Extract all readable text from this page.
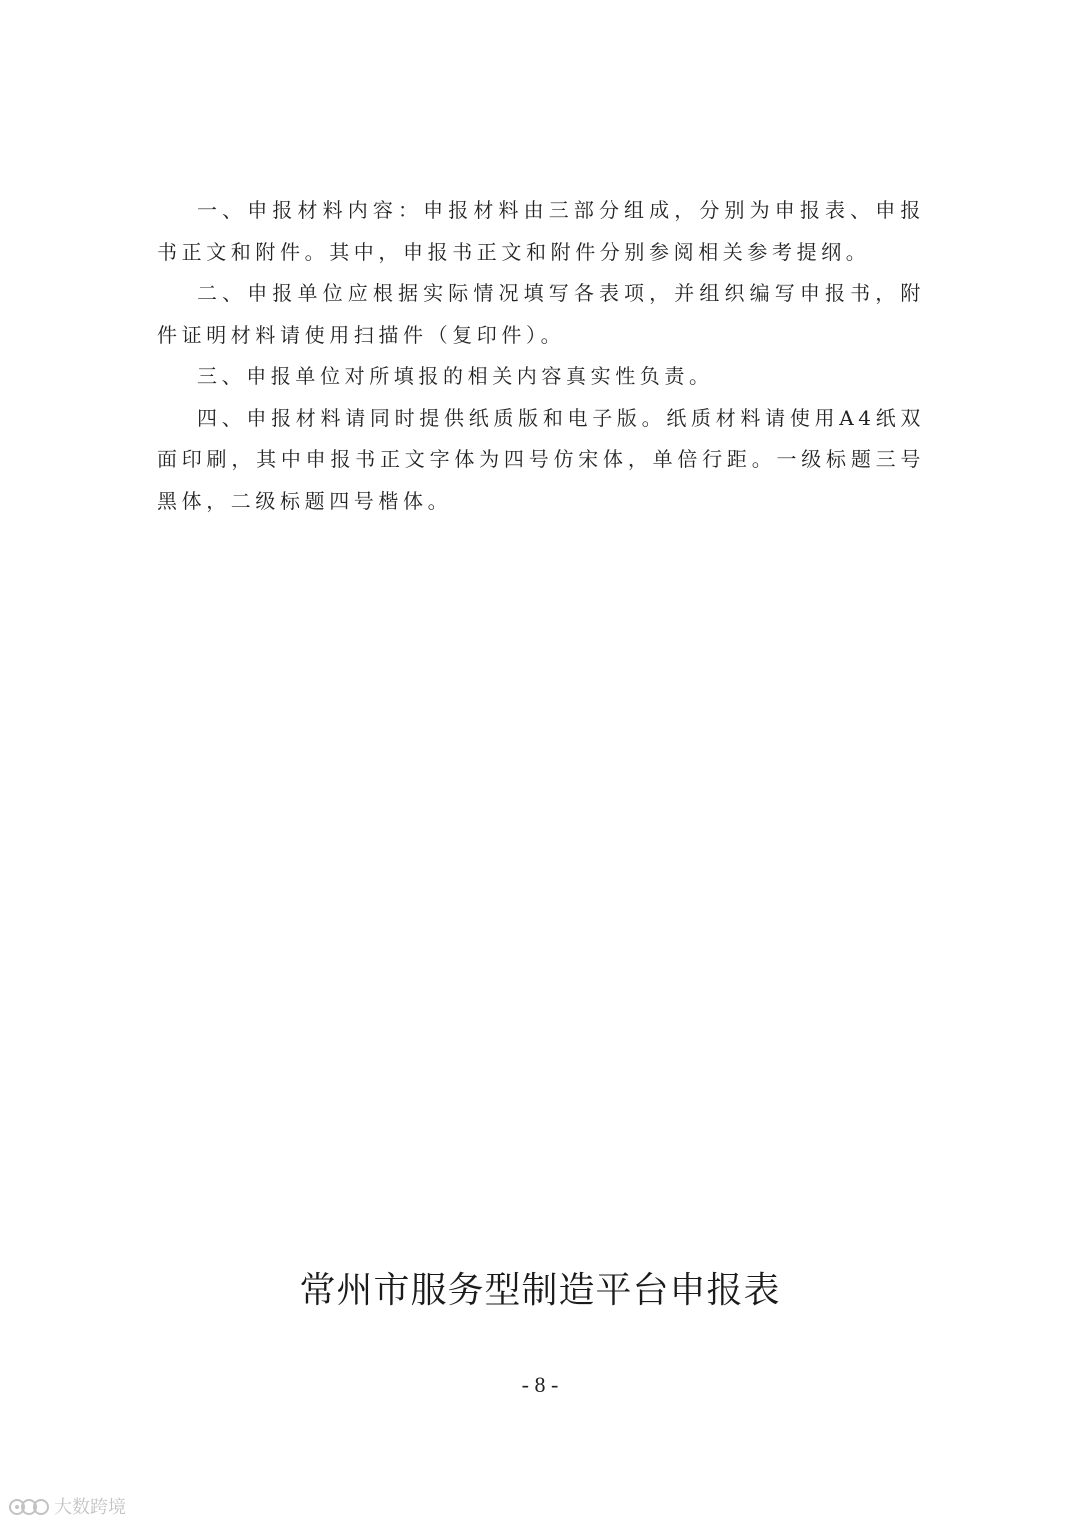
一、申报材料内容：申报材料由三部分组成，分别为申报表、申报书正文和附件。其中，申报书正文和附件分别参阅相关参考提纲。

二、申报单位应根据实际情况填写各表项，并组织编写申报书，附件证明材料请使用扫描件（复印件）。

三、申报单位对所填报的相关内容真实性负责。

四、申报材料请同时提供纸质版和电子版。纸质材料请使用A4纸双面印刷，其中申报书正文字体为四号仿宋体，单倍行距。一级标题三号黑体，二级标题四号楷体。

常州市服务型制造平台申报表
- 8 -
大数跨境
